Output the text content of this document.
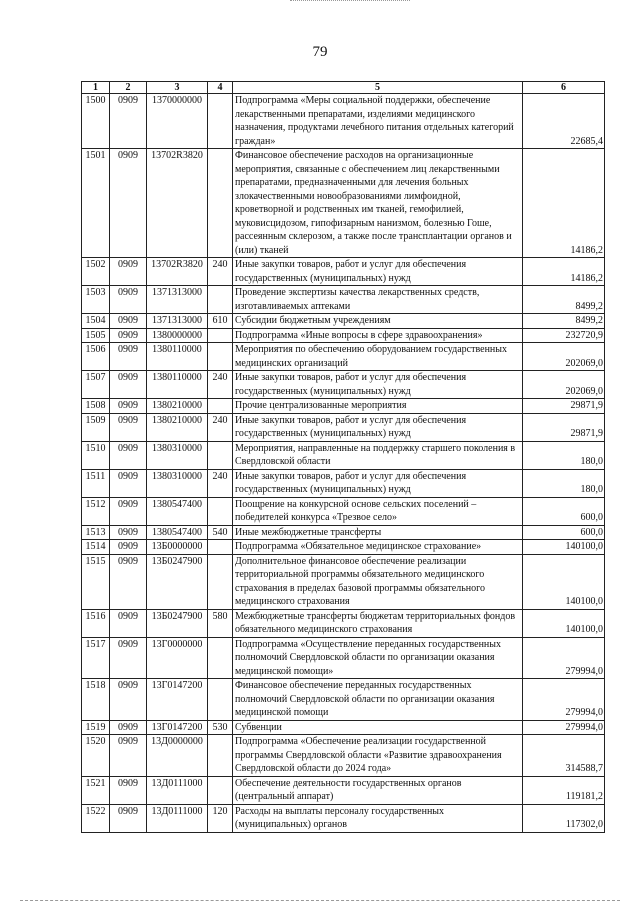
79
1	2	3	4	5	6
1500	0909	1370000000		Подпрограмма «Меры социальной поддержки, обеспечение лекарственными препаратами, изделиями медицинского назначения, продуктами лечебного питания отдельных категорий граждан»	22685,4
1501	0909	13702R3820		Финансовое обеспечение расходов на организационные мероприятия, связанные с обеспечением лиц лекарственными препаратами, предназначенными для лечения больных злокачественными новообразованиями лимфоидной, кроветворной и родственных им тканей, гемофилией, муковисцидозом, гипофизарным нанизмом, болезнью Гоше, рассеянным склерозом, а также после трансплантации органов и (или) тканей	14186,2
1502	0909	13702R3820	240	Иные закупки товаров, работ и услуг для обеспечения государственных (муниципальных) нужд	14186,2
1503	0909	1371313000		Проведение экспертизы качества лекарственных средств, изготавливаемых аптеками	8499,2
1504	0909	1371313000	610	Субсидии бюджетным учреждениям	8499,2
1505	0909	1380000000		Подпрограмма «Иные вопросы в сфере здравоохранения»	232720,9
1506	0909	1380110000		Мероприятия по обеспечению оборудованием государственных медицинских организаций	202069,0
1507	0909	1380110000	240	Иные закупки товаров, работ и услуг для обеспечения государственных (муниципальных) нужд	202069,0
1508	0909	1380210000		Прочие централизованные мероприятия	29871,9
1509	0909	1380210000	240	Иные закупки товаров, работ и услуг для обеспечения государственных (муниципальных) нужд	29871,9
1510	0909	1380310000		Мероприятия, направленные на поддержку старшего поколения в Свердловской области	180,0
1511	0909	1380310000	240	Иные закупки товаров, работ и услуг для обеспечения государственных (муниципальных) нужд	180,0
1512	0909	1380547400		Поощрение на конкурсной основе сельских поселений – победителей конкурса «Трезвое село»	600,0
1513	0909	1380547400	540	Иные межбюджетные трансферты	600,0
1514	0909	13Б0000000		Подпрограмма «Обязательное медицинское страхование»	140100,0
1515	0909	13Б0247900		Дополнительное финансовое обеспечение реализации территориальной программы обязательного медицинского страхования в пределах базовой программы обязательного медицинского страхования	140100,0
1516	0909	13Б0247900	580	Межбюджетные трансферты бюджетам территориальных фондов обязательного медицинского страхования	140100,0
1517	0909	13Г0000000		Подпрограмма «Осуществление переданных государственных полномочий Свердловской области по организации оказания медицинской помощи»	279994,0
1518	0909	13Г0147200		Финансовое обеспечение переданных государственных полномочий Свердловской области по организации оказания медицинской помощи	279994,0
1519	0909	13Г0147200	530	Субвенции	279994,0
1520	0909	13Д0000000		Подпрограмма «Обеспечение реализации государственной программы Свердловской области «Развитие здравоохранения Свердловской области до 2024 года»	314588,7
1521	0909	13Д0111000		Обеспечение деятельности государственных органов (центральный аппарат)	119181,2
1522	0909	13Д0111000	120	Расходы на выплаты персоналу государственных (муниципальных) органов	117302,0
